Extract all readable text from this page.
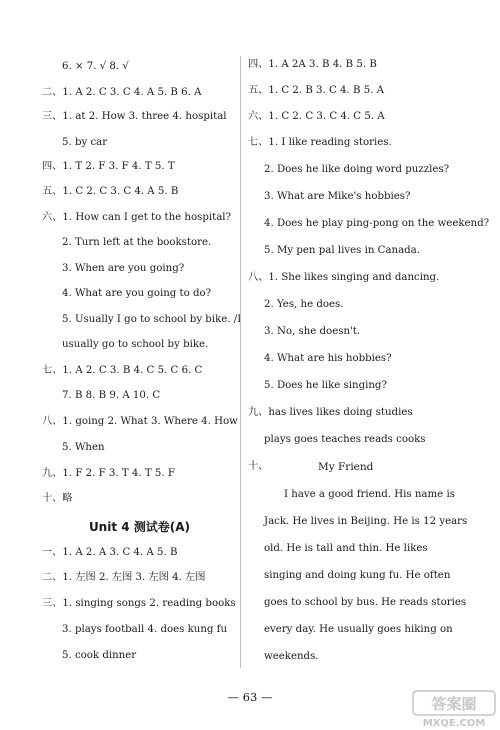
6. × 7. √ 8. √
二、1. A 2. C 3. C 4. A 5. B 6. A
三、1. at 2. How 3. three 4. hospital
5. by car
四、1. T 2. F 3. F 4. T 5. T
五、1. C 2. C 3. C 4. A 5. B
六、1. How can I get to the hospital?
2. Turn left at the bookstore.
3. When are you going?
4. What are you going to do?
5. Usually I go to school by bike. /I
usually go to school by bike.
七、1. A 2. C 3. B 4. C 5. C 6. C
7. B 8. B 9. A 10. C
八、1. going 2. What 3. Where 4. How
5. When
九、1. F 2. F 3. T 4. T 5. F
十、略
Unit 4 测试卷(A)
一、1. A 2. A 3. C 4. A 5. B
二、1. 左图 2. 左图 3. 左图 4. 左图
三、1. singing songs 2. reading books
3. plays football 4. does kung fu
5. cook dinner
四、1. A 2A 3. B 4. B 5. B
五、1. C 2. B 3. C 4. B 5. A
六、1. C 2. C 3. C 4. C 5. A
七、1. I like reading stories.
2. Does he like doing word puzzles?
3. What are Mike's hobbies?
4. Does he play ping-pong on the weekend?
5. My pen pal lives in Canada.
八、1. She likes singing and dancing.
2. Yes, he does.
3. No, she doesn't.
4. What are his hobbies?
5. Does he like singing?
九、has lives likes doing studies
plays goes teaches reads cooks
十、	My Friend
I have a good friend. His name is
Jack. He lives in Beijing. He is 12 years
old. He is tall and thin. He likes
singing and doing kung fu. He often
goes to school by bus. He reads stories
every day. He usually goes hiking on
weekends.
— 63 —	答案圈
MXQE.COM
